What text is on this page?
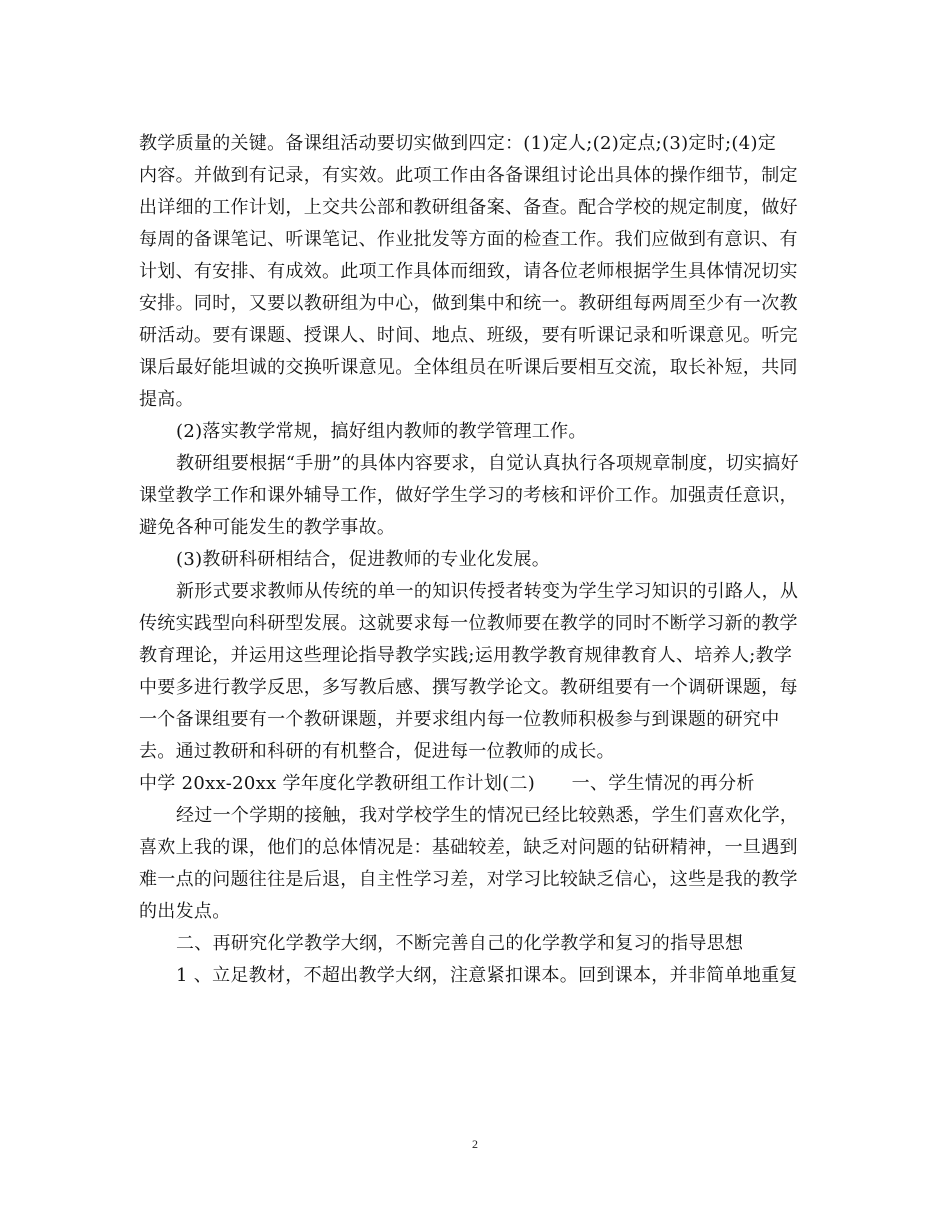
教学质量的关键。备课组活动要切实做到四定：(1)定人;(2)定点;(3)定时;(4)定
内容。并做到有记录，有实效。此项工作由各备课组讨论出具体的操作细节，制定
出详细的工作计划，上交共公部和教研组备案、备查。配合学校的规定制度，做好
每周的备课笔记、听课笔记、作业批发等方面的检查工作。我们应做到有意识、有
计划、有安排、有成效。此项工作具体而细致，请各位老师根据学生具体情况切实
安排。同时，又要以教研组为中心，做到集中和统一。教研组每两周至少有一次教
研活动。要有课题、授课人、时间、地点、班级，要有听课记录和听课意见。听完
课后最好能坦诚的交换听课意见。全体组员在听课后要相互交流，取长补短，共同
提高。
(2)落实教学常规，搞好组内教师的教学管理工作。
教研组要根据“手册”的具体内容要求，自觉认真执行各项规章制度，切实搞好
课堂教学工作和课外辅导工作，做好学生学习的考核和评价工作。加强责任意识，
避免各种可能发生的教学事故。
(3)教研科研相结合，促进教师的专业化发展。
新形式要求教师从传统的单一的知识传授者转变为学生学习知识的引路人，从
传统实践型向科研型发展。这就要求每一位教师要在教学的同时不断学习新的教学
教育理论，并运用这些理论指导教学实践;运用教学教育规律教育人、培养人;教学
中要多进行教学反思，多写教后感、撰写教学论文。教研组要有一个调研课题，每
一个备课组要有一个教研课题，并要求组内每一位教师积极参与到课题的研究中
去。通过教研和科研的有机整合，促进每一位教师的成长。
中学 20xx-20xx 学年度化学教研组工作计划(二)　　一、学生情况的再分析
经过一个学期的接触，我对学校学生的情况已经比较熟悉，学生们喜欢化学，
喜欢上我的课，他们的总体情况是：基础较差，缺乏对问题的钻研精神，一旦遇到
难一点的问题往往是后退，自主性学习差，对学习比较缺乏信心，这些是我的教学
的出发点。
二、再研究化学教学大纲，不断完善自己的化学教学和复习的指导思想
1 、立足教材，不超出教学大纲，注意紧扣课本。回到课本，并非简单地重复
2
